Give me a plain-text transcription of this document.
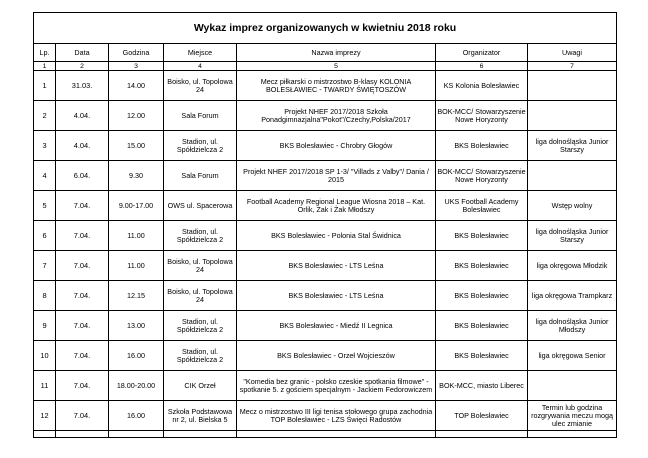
Wykaz imprez organizowanych w kwietniu 2018 roku						
Lp.	Data	Godzina	Miejsce	Nazwa imprezy	Organizator	Uwagi
1	2	3	4	5	6	7
1	31.03.	14.00	Boisko, ul. Topolowa 24	Mecz piłkarski o mistrzostwo B-klasy KOLONIA BOLESŁAWIEC - TWARDY ŚWIĘTOSZÓW	KS Kolonia Bolesławiec	
2	4.04.	12.00	Sala Forum	Projekt NHEF 2017/2018 Szkoła Ponadgimnazjalna"Pokot"/Czechy,Polska/2017	BOK-MCC/ Stowarzyszenie Nowe Horyzonty	
3	4.04.	15.00	Stadion, ul. Spółdzielcza 2	BKS Bolesławiec - Chrobry Głogów	BKS Bolesławiec	liga dolnośląska Junior Starszy
4	6.04.	9.30	Sala Forum	Projekt NHEF 2017/2018 SP 1-3/ "Villads z Valby"/ Dania / 2015	BOK-MCC/ Stowarzyszenie Nowe Horyzonty	
5	7.04.	9.00-17.00	OWS ul. Spacerowa	Football Academy Regional League Wiosna 2018 – Kat. Orlik, Żak i Żak Młodszy	UKS Football Academy Bolesławiec	Wstęp wolny
6	7.04.	11.00	Stadion, ul. Spółdzielcza 2	BKS Bolesławiec - Polonia Stal Świdnica	BKS Bolesławiec	liga dolnośląska Junior Starszy
7	7.04.	11.00	Boisko, ul. Topolowa 24	BKS Bolesławiec - LTS Leśna	BKS Bolesławiec	liga okręgowa Młodzik
8	7.04.	12.15	Boisko, ul. Topolowa 24	BKS Bolesławiec - LTS Leśna	BKS Bolesławiec	liga okręgowa Trampkarz
9	7.04.	13.00	Stadion, ul. Spółdzielcza 2	BKS Bolesławiec - Miedź II Legnica	BKS Bolesławiec	liga dolnośląska Junior Młodszy
10	7.04.	16.00	Stadion, ul. Spółdzielcza 2	BKS Bolesławiec - Orzeł Wojcieszów	BKS Bolesławiec	liga okręgowa Senior
11	7.04.	18.00-20.00	CIK Orzeł	"Komedia bez granic - polsko czeskie spotkania filmowe" - spotkanie 5. z gościem specjalnym - Jackiem Fedorowiczem	BOK-MCC, miasto Liberec	
12	7.04.	16.00	Szkoła Podstawowa nr 2, ul. Bielska 5	Mecz o mistrzostwo III ligi tenisa stołowego grupa zachodnia TOP Bolesławiec - LZS Święci Radostów	TOP Bolesławiec	Termin lub godzina rozgrywania meczu mogą ulec zmianie
